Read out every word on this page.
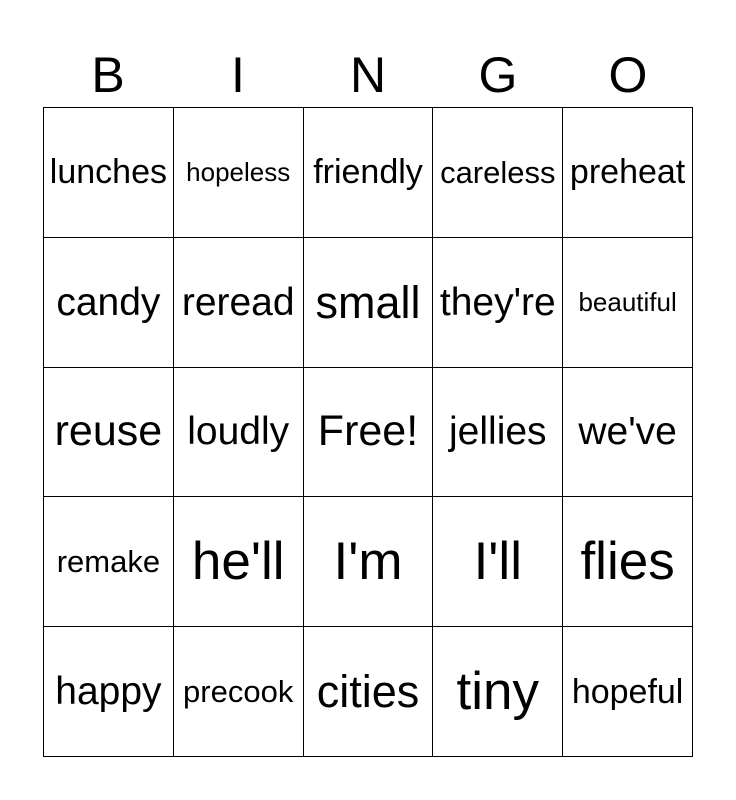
B	I	N	G	O
lunches hopeless friendly careless preheat
candy reread small they're beautiful
reuse loudly Free! jellies we've
remake he'll I'm I'll flies
happy precook cities tiny hopeful
